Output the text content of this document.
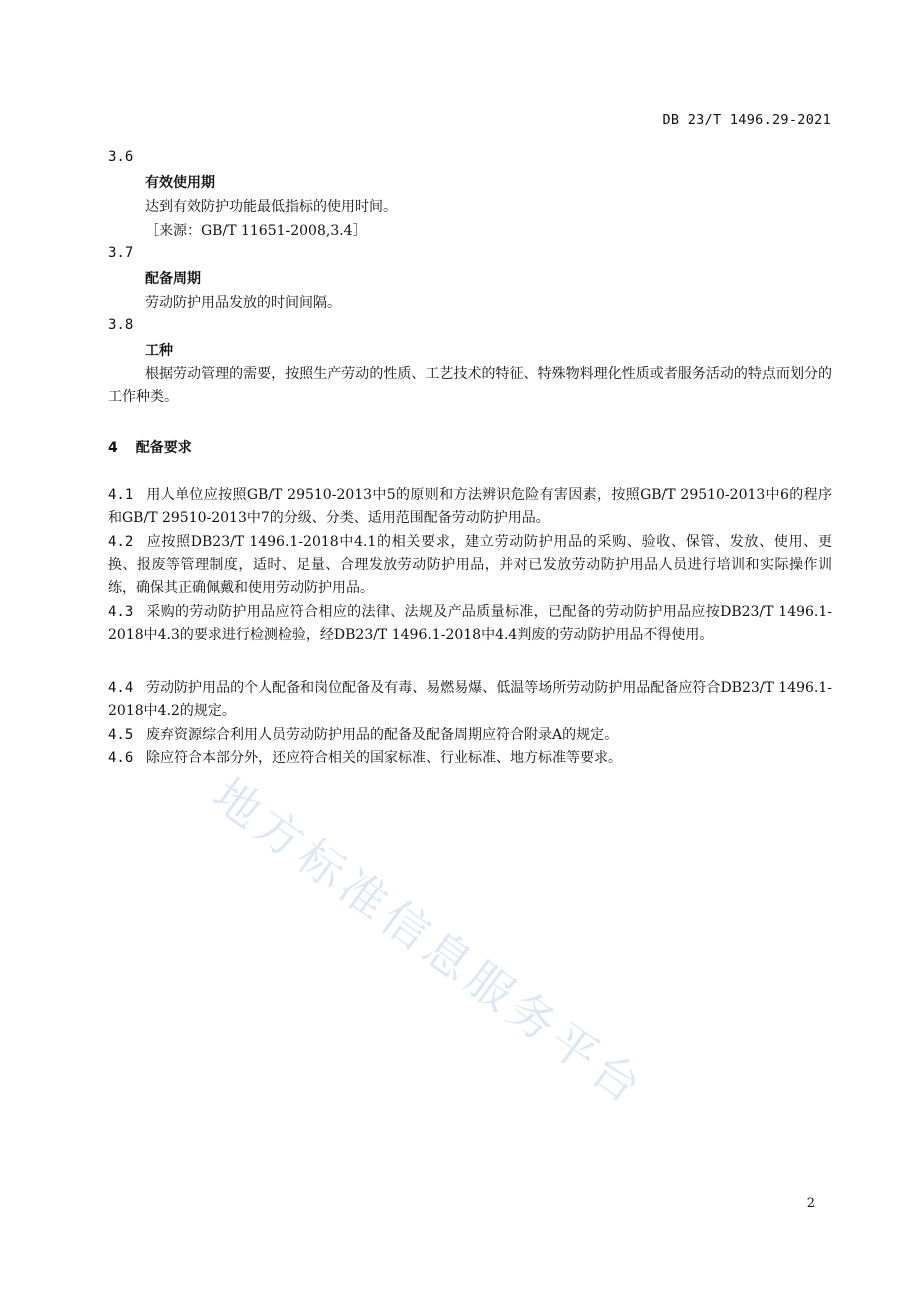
DB 23/T 1496.29-2021
3.6
有效使用期
达到有效防护功能最低指标的使用时间。
［来源：GB/T 11651-2008,3.4］
3.7
配备周期
劳动防护用品发放的时间间隔。
3.8
工种
根据劳动管理的需要，按照生产劳动的性质、工艺技术的特征、特殊物料理化性质或者服务活动的特点而划分的工作种类。
4 配备要求
4.1 用人单位应按照GB/T 29510-2013中5的原则和方法辨识危险有害因素，按照GB/T 29510-2013中6的程序和GB/T 29510-2013中7的分级、分类、适用范围配备劳动防护用品。
4.2 应按照DB23/T 1496.1-2018中4.1的相关要求，建立劳动防护用品的采购、验收、保管、发放、使用、更换、报废等管理制度，适时、足量、合理发放劳动防护用品，并对已发放劳动防护用品人员进行培训和实际操作训练，确保其正确佩戴和使用劳动防护用品。
4.3 采购的劳动防护用品应符合相应的法律、法规及产品质量标准，已配备的劳动防护用品应按DB23/T 1496.1-2018中4.3的要求进行检测检验，经DB23/T 1496.1-2018中4.4判废的劳动防护用品不得使用。
4.4 劳动防护用品的个人配备和岗位配备及有毒、易燃易爆、低温等场所劳动防护用品配备应符合DB23/T 1496.1-2018中4.2的规定。
4.5 废弃资源综合利用人员劳动防护用品的配备及配备周期应符合附录A的规定。
4.6 除应符合本部分外，还应符合相关的国家标准、行业标准、地方标准等要求。
地方标准信息服务平台
2
